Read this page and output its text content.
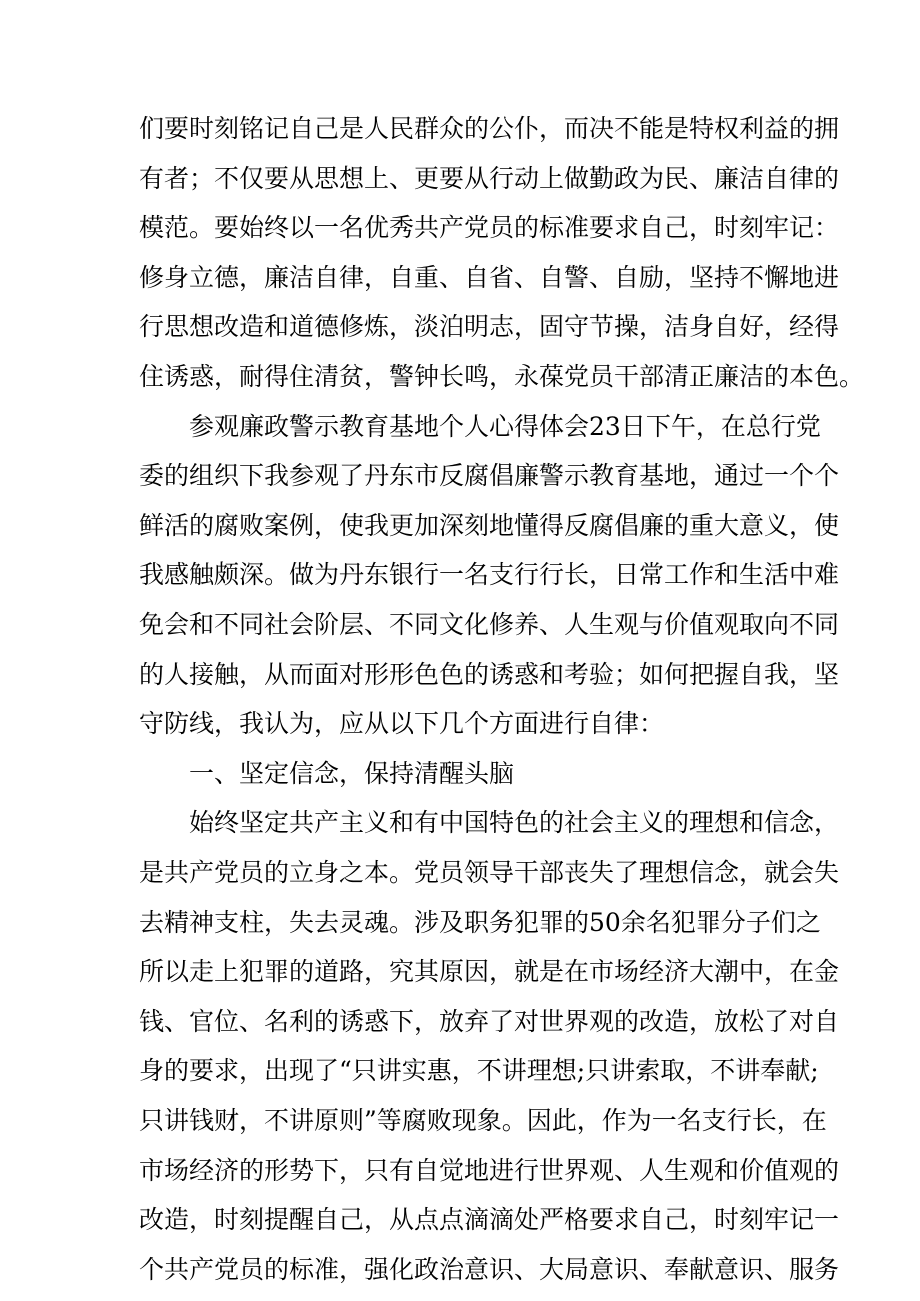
们要时刻铭记自己是人民群众的公仆，而决不能是特权利益的拥
有者；不仅要从思想上、更要从行动上做勤政为民、廉洁自律的
模范。要始终以一名优秀共产党员的标准要求自己，时刻牢记：
修身立德，廉洁自律，自重、自省、自警、自励，坚持不懈地进
行思想改造和道德修炼，淡泊明志，固守节操，洁身自好，经得
住诱惑，耐得住清贫，警钟长鸣，永葆党员干部清正廉洁的本色。
参观廉政警示教育基地个人心得体会23日下午，在总行党
委的组织下我参观了丹东市反腐倡廉警示教育基地，通过一个个
鲜活的腐败案例，使我更加深刻地懂得反腐倡廉的重大意义，使
我感触颇深。做为丹东银行一名支行行长，日常工作和生活中难
免会和不同社会阶层、不同文化修养、人生观与价值观取向不同
的人接触，从而面对形形色色的诱惑和考验；如何把握自我，坚
守防线，我认为，应从以下几个方面进行自律：
一、坚定信念，保持清醒头脑
始终坚定共产主义和有中国特色的社会主义的理想和信念，
是共产党员的立身之本。党员领导干部丧失了理想信念，就会失
去精神支柱，失去灵魂。涉及职务犯罪的50余名犯罪分子们之
所以走上犯罪的道路，究其原因，就是在市场经济大潮中，在金
钱、官位、名利的诱惑下，放弃了对世界观的改造，放松了对自
身的要求，出现了“只讲实惠，不讲理想;只讲索取，不讲奉献;
只讲钱财，不讲原则”等腐败现象。因此，作为一名支行长，在
市场经济的形势下，只有自觉地进行世界观、人生观和价值观的
改造，时刻提醒自己，从点点滴滴处严格要求自己，时刻牢记一
个共产党员的标准，强化政治意识、大局意识、奉献意识、服务
